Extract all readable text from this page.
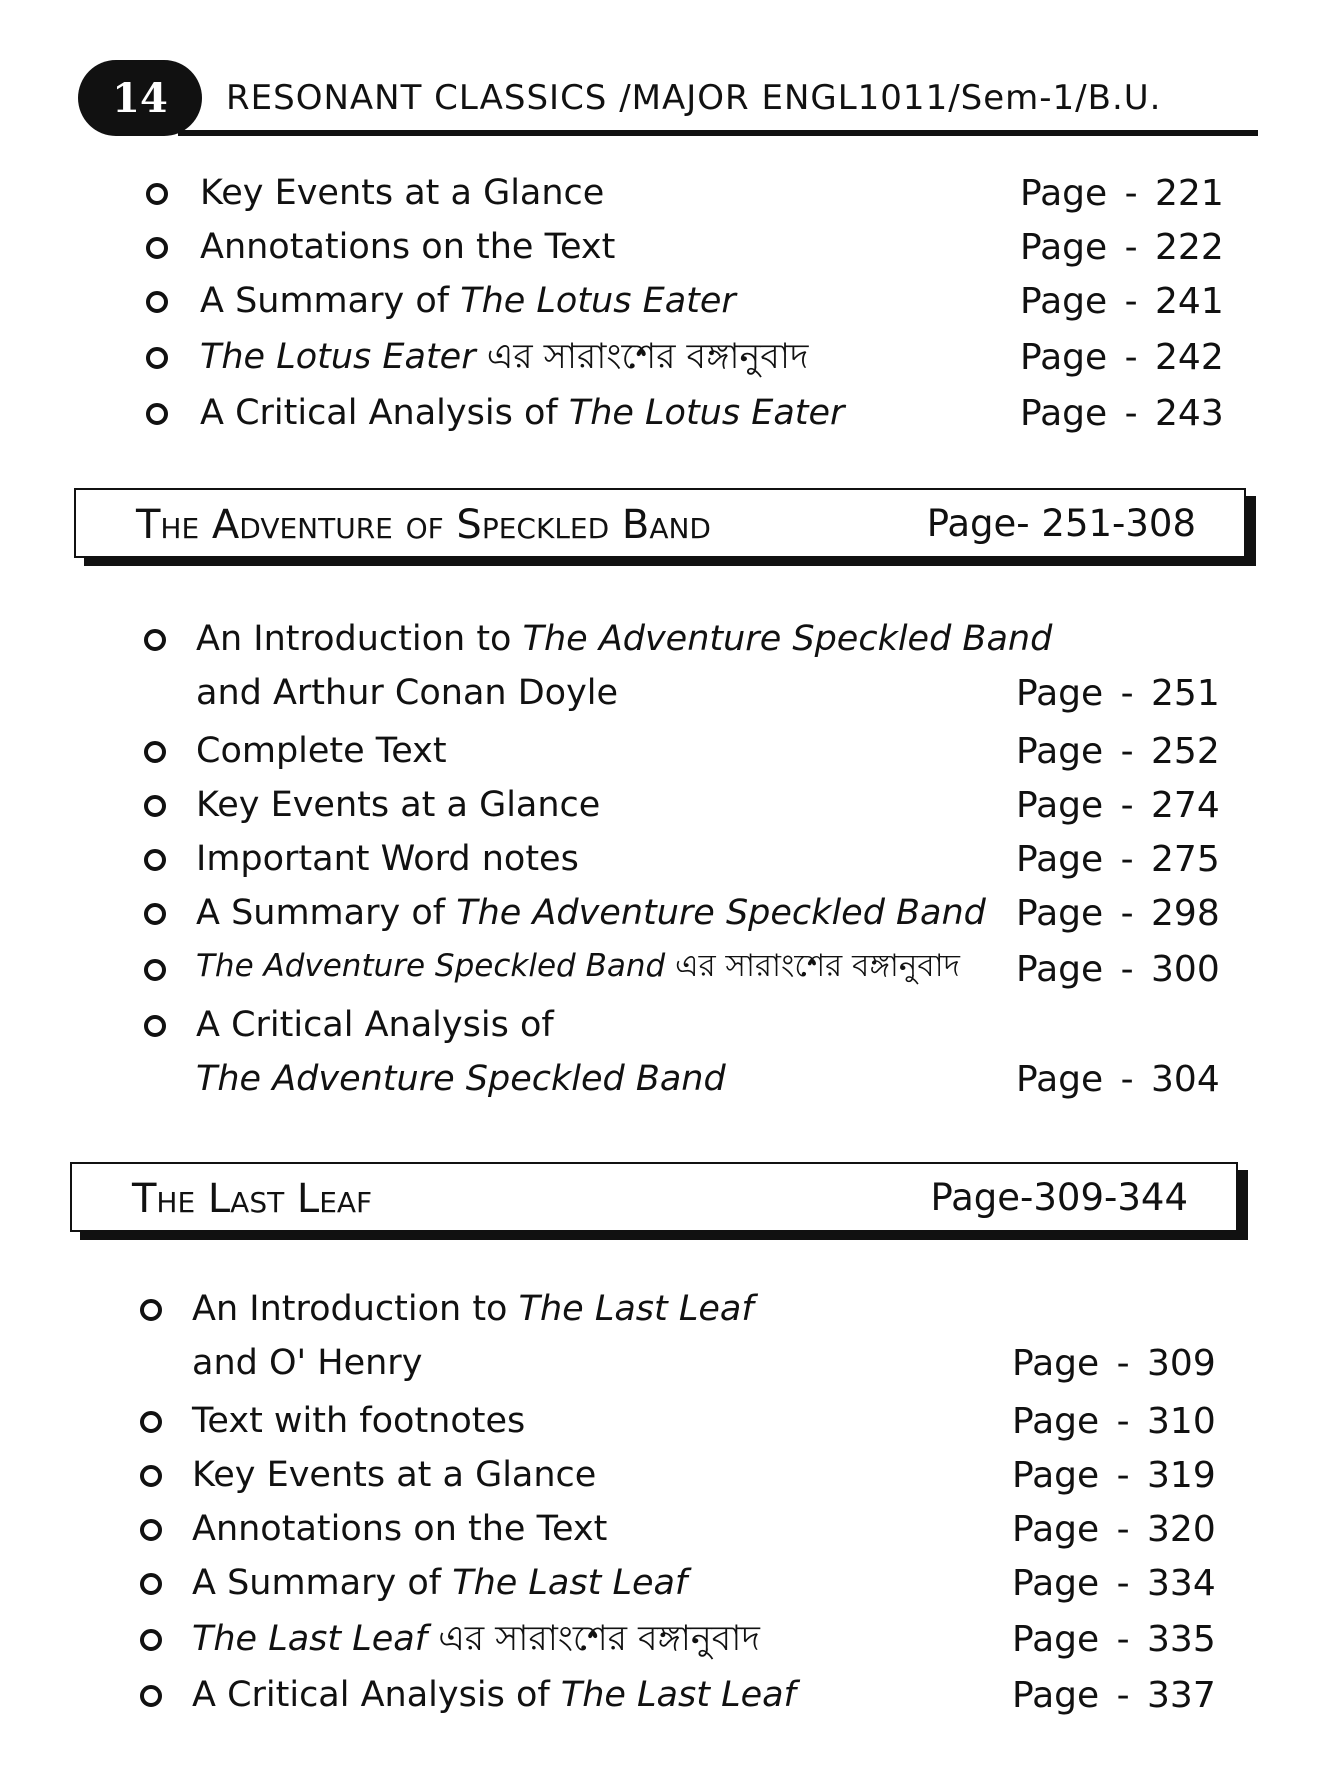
14	RESONANT CLASSICS /MAJOR ENGL1011/Sem-1/B.U.
Key Events at a Glance	Page - 221
Annotations on the Text	Page - 222
A Summary of The Lotus Eater	Page - 241
The Lotus Eater এর সারাংশের বঙ্গানুবাদ	Page - 242
A Critical Analysis of The Lotus Eater	Page - 243
The Adventure of Speckled Band	Page- 251-308
An Introduction to The Adventure Speckled Band
and Arthur Conan Doyle	Page - 251
Complete Text	Page - 252
Key Events at a Glance	Page - 274
Important Word notes	Page - 275
A Summary of The Adventure Speckled Band Page - 298
The Adventure Speckled Band এর সারাংশের বঙ্গানুবাদ Page - 300
A Critical Analysis of
The Adventure Speckled Band	Page - 304
The Last Leaf	Page-309-344
An Introduction to The Last Leaf
and O' Henry	Page - 309
Text with footnotes	Page - 310
Key Events at a Glance	Page - 319
Annotations on the Text	Page - 320
A Summary of The Last Leaf	Page - 334
The Last Leaf এর সারাংশের বঙ্গানুবাদ	Page - 335
A Critical Analysis of The Last Leaf	Page - 337
